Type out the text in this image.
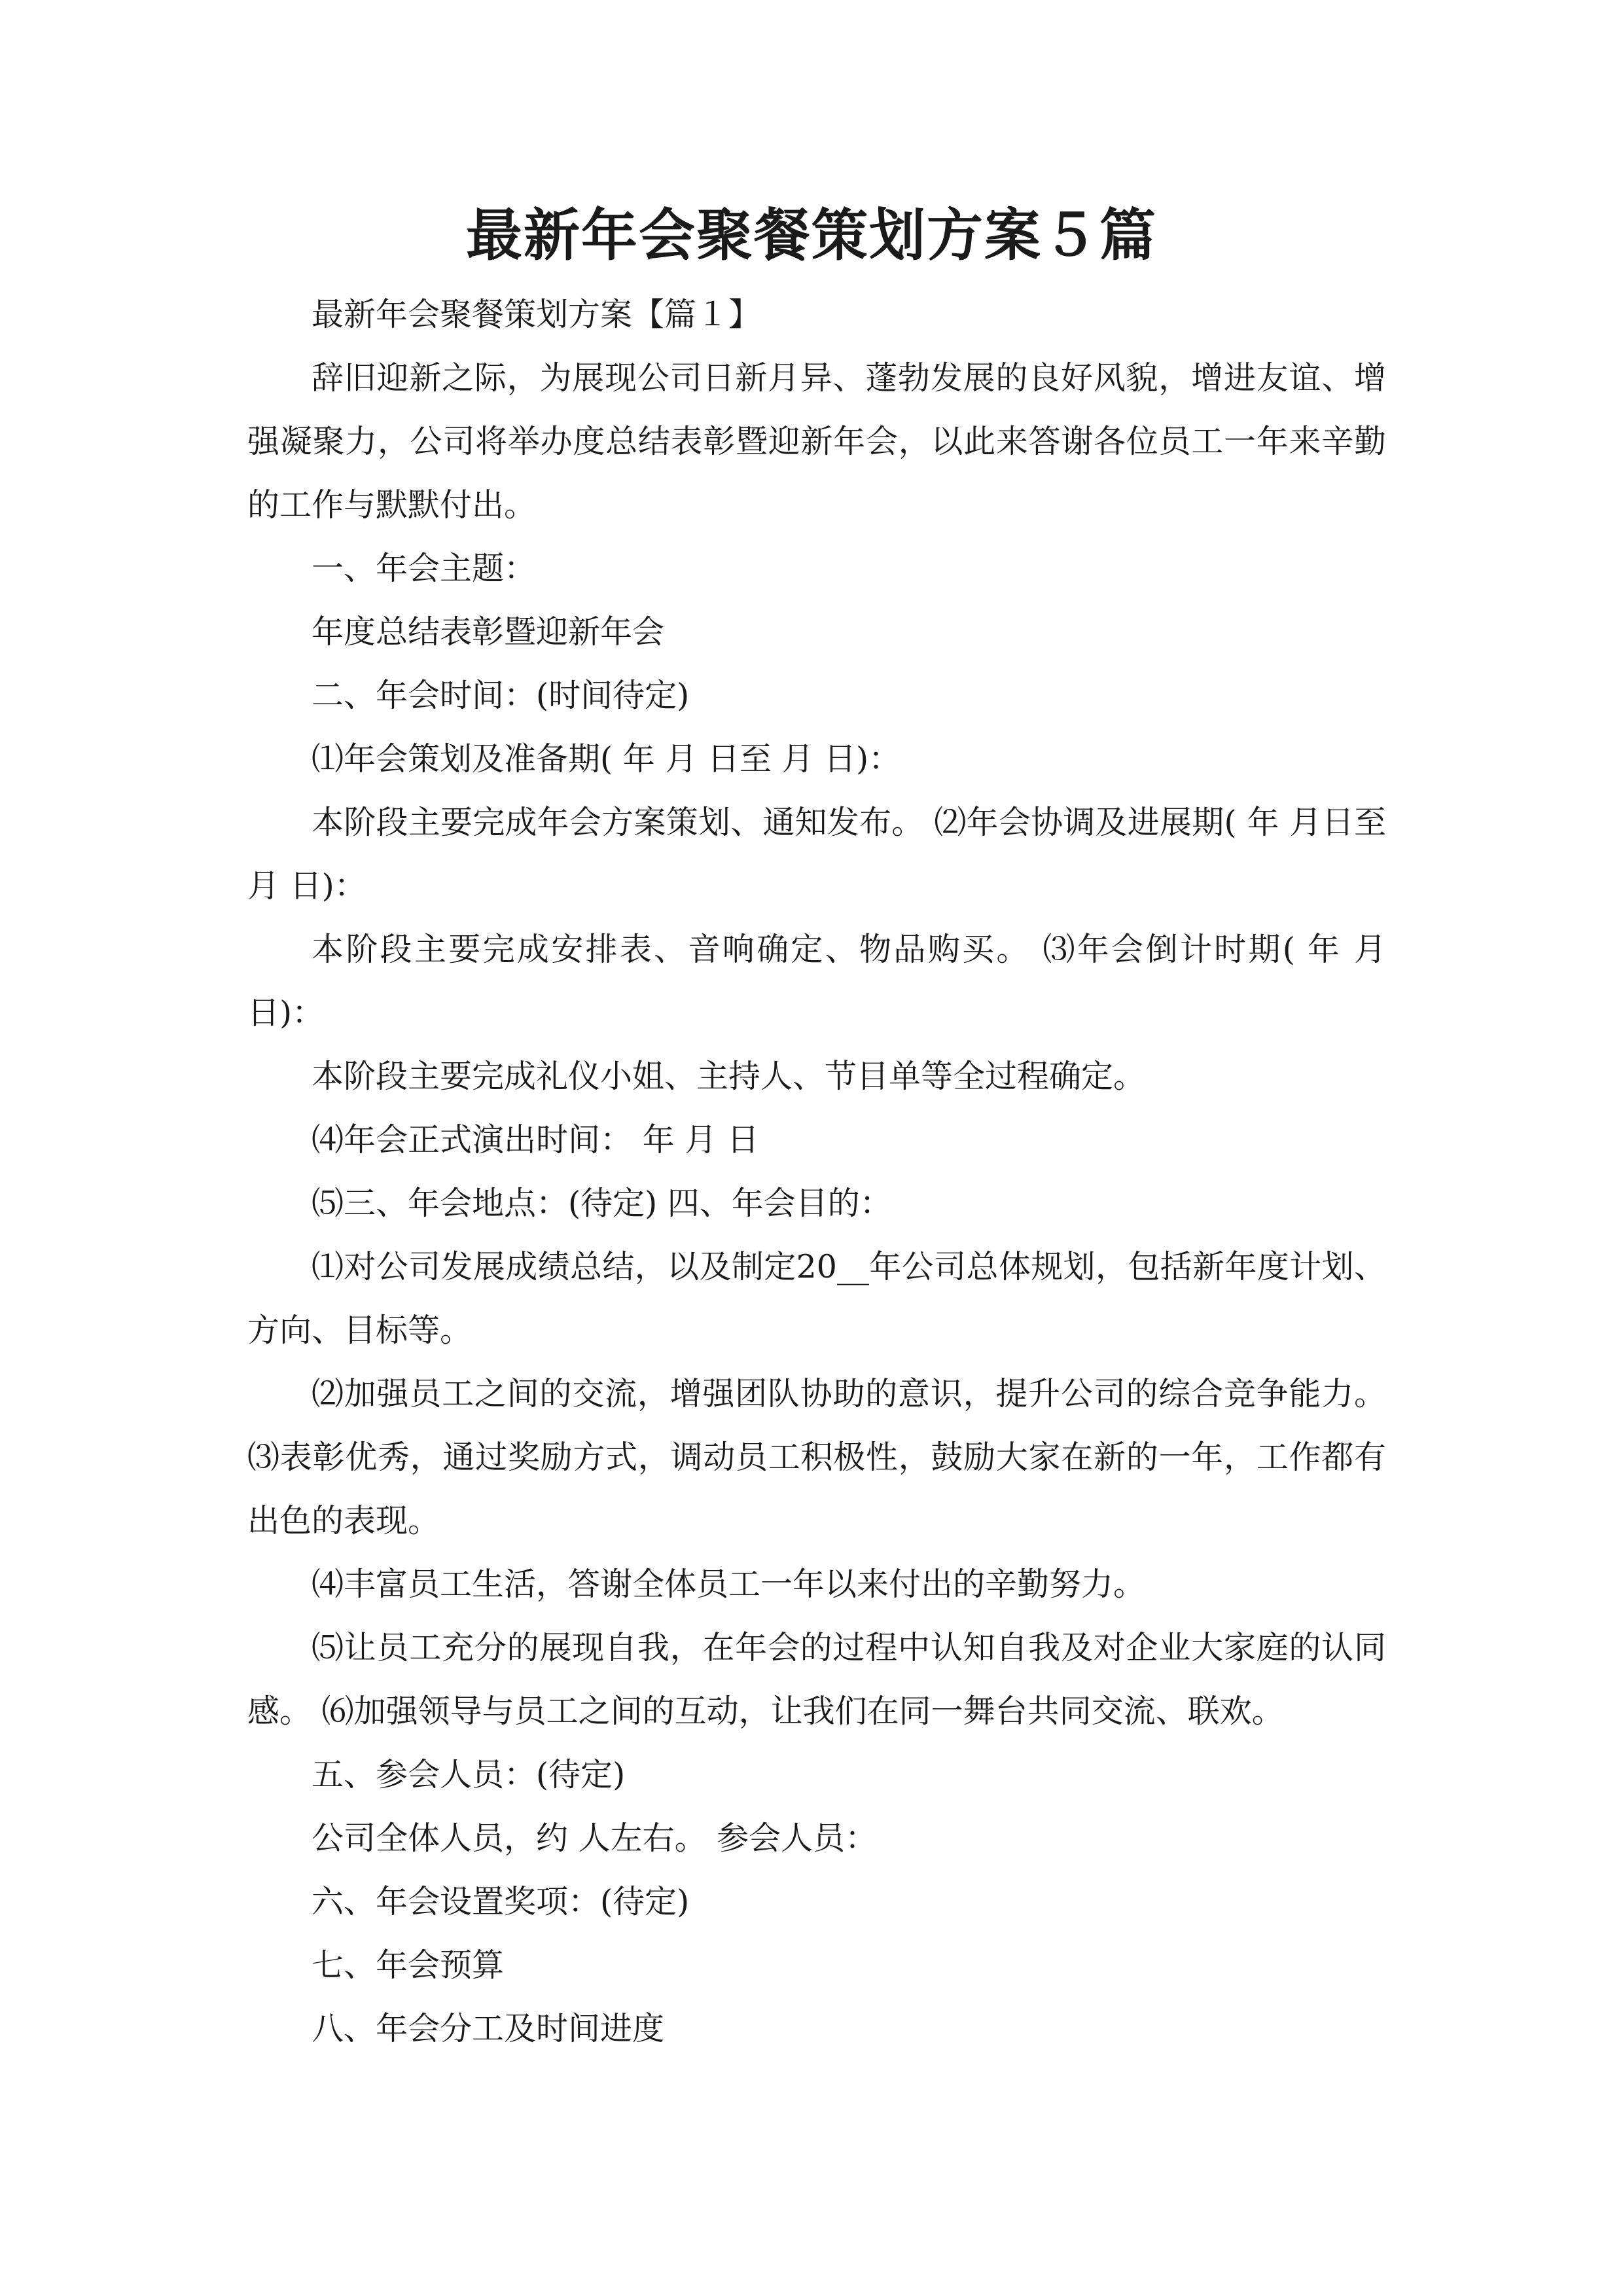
最新年会聚餐策划方案５篇

最新年会聚餐策划方案【篇１】

辞旧迎新之际，为展现公司日新月异、蓬勃发展的良好风貌，增进友谊、增强凝聚力，公司将举办度总结表彰暨迎新年会，以此来答谢各位员工一年来辛勤的工作与默默付出。

一、年会主题：

年度总结表彰暨迎新年会

二、年会时间：(时间待定)

⑴年会策划及准备期( 年 月 日至 月 日)：

本阶段主要完成年会方案策划、通知发布。 ⑵年会协调及进展期( 年 月日至 月 日)：

本阶段主要完成安排表、音响确定、物品购买。 ⑶年会倒计时期( 年 月日)：

本阶段主要完成礼仪小姐、主持人、节目单等全过程确定。

⑷年会正式演出时间： 年 月 日

⑸三、年会地点：(待定) 四、年会目的：

⑴对公司发展成绩总结，以及制定20__年公司总体规划，包括新年度计划、方向、目标等。

⑵加强员工之间的交流，增强团队协助的意识，提升公司的综合竞争能力。⑶表彰优秀，通过奖励方式，调动员工积极性，鼓励大家在新的一年，工作都有出色的表现。

⑷丰富员工生活，答谢全体员工一年以来付出的辛勤努力。

⑸让员工充分的展现自我，在年会的过程中认知自我及对企业大家庭的认同感。 ⑹加强领导与员工之间的互动，让我们在同一舞台共同交流、联欢。

五、参会人员：(待定)

公司全体人员，约 人左右。 参会人员：

六、年会设置奖项：(待定)

七、年会预算

八、年会分工及时间进度
